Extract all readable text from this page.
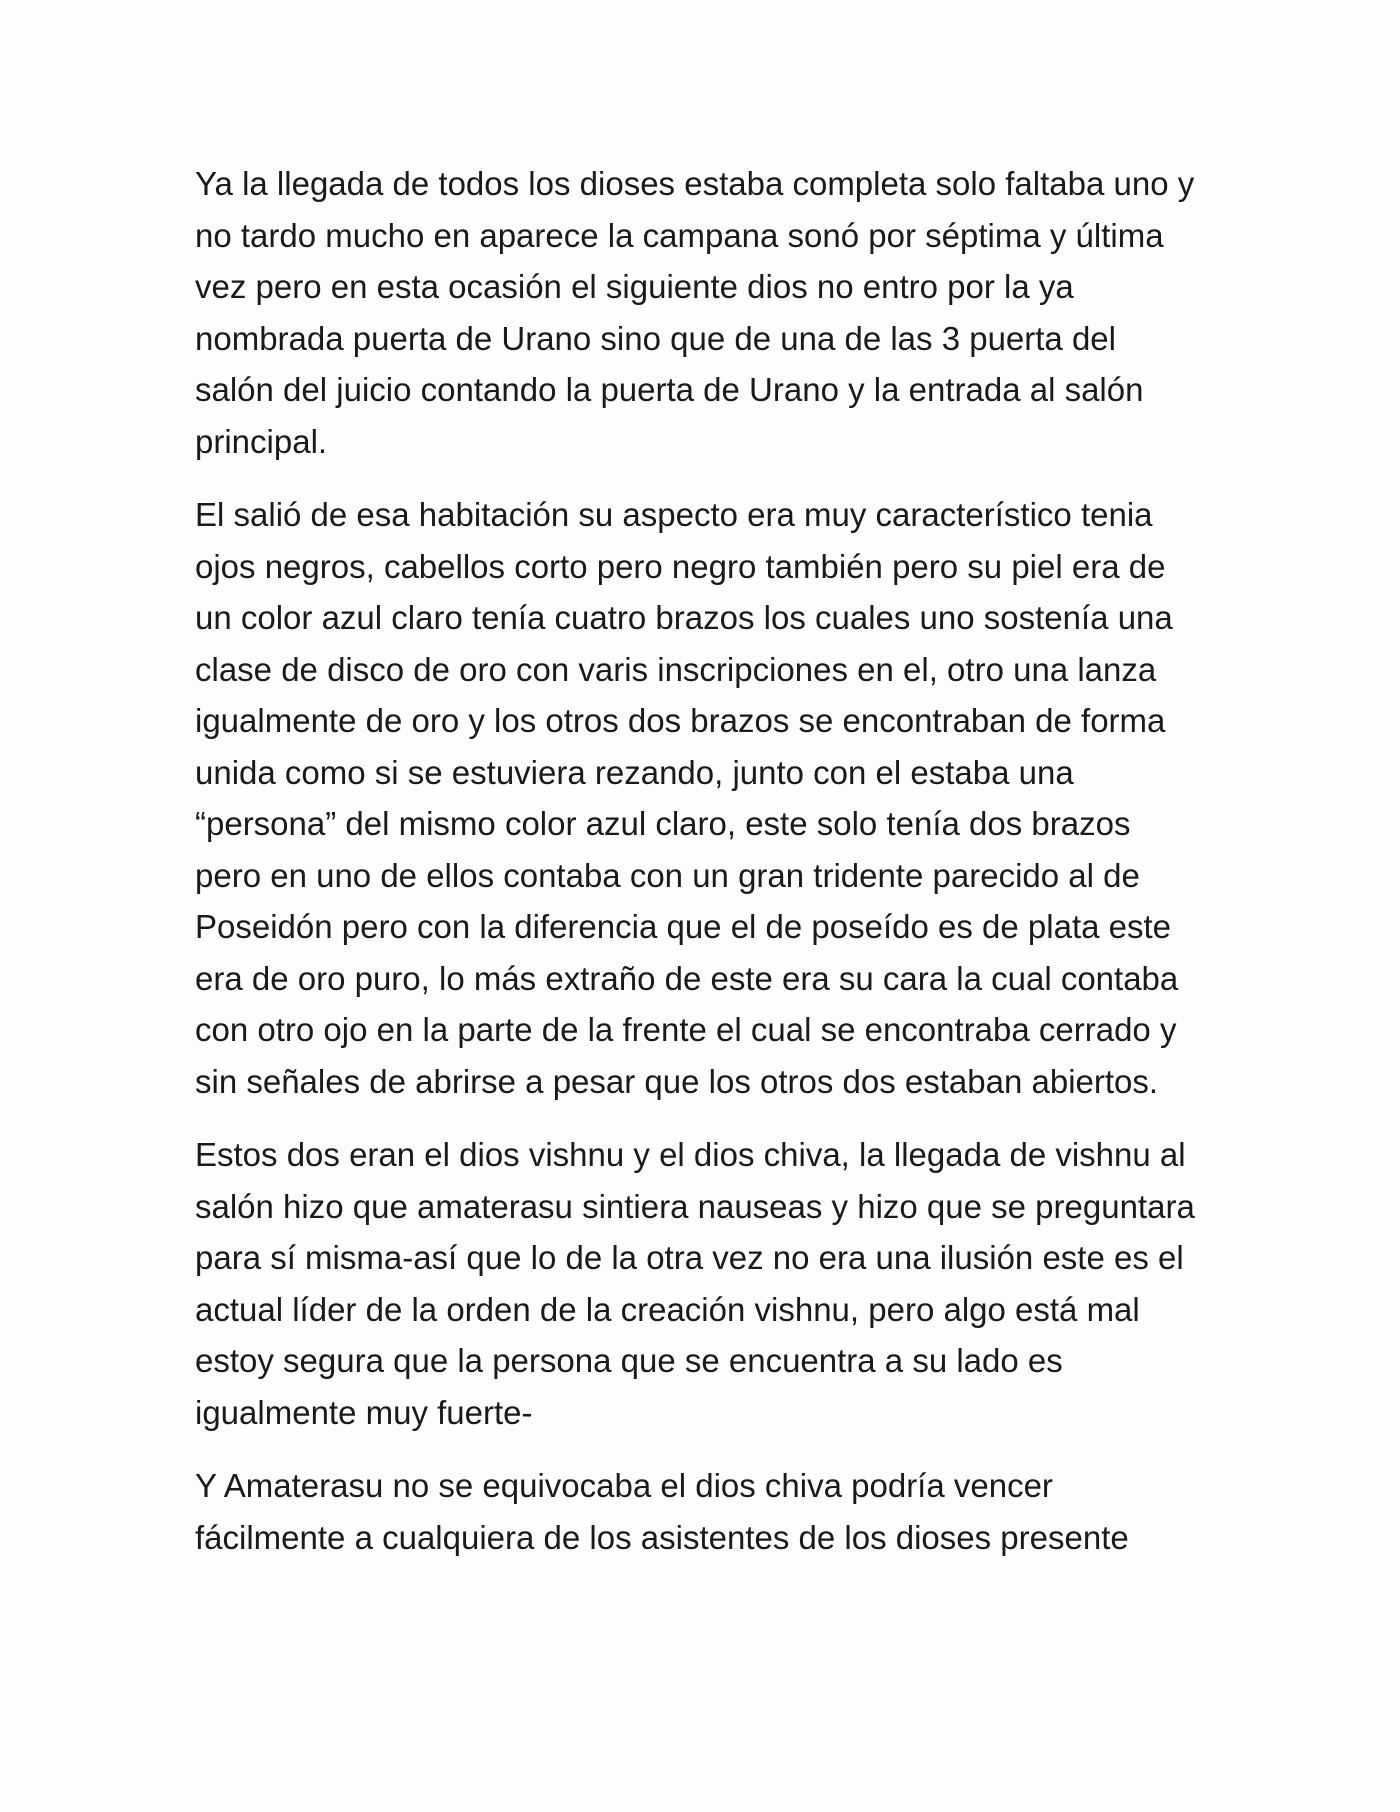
Ya la llegada de todos los dioses estaba completa solo faltaba uno y
no tardo mucho en aparece la campana sonó por séptima y última
vez pero en esta ocasión el siguiente dios no entro por la ya
nombrada puerta de Urano sino que de una de las 3 puerta del
salón del juicio contando la puerta de Urano y la entrada al salón
principal.

El salió de esa habitación su aspecto era muy característico tenia
ojos negros, cabellos corto pero negro también pero su piel era de
un color azul claro tenía cuatro brazos los cuales uno sostenía una
clase de disco de oro con varis inscripciones en el, otro una lanza
igualmente de oro y los otros dos brazos se encontraban de forma
unida como si se estuviera rezando, junto con el estaba una
“persona” del mismo color azul claro, este solo tenía dos brazos
pero en uno de ellos contaba con un gran tridente parecido al de
Poseidón pero con la diferencia que el de poseído es de plata este
era de oro puro, lo más extraño de este era su cara la cual contaba
con otro ojo en la parte de la frente el cual se encontraba cerrado y
sin señales de abrirse a pesar que los otros dos estaban abiertos.

Estos dos eran el dios vishnu y el dios chiva, la llegada de vishnu al
salón hizo que amaterasu sintiera nauseas y hizo que se preguntara
para sí misma-así que lo de la otra vez no era una ilusión este es el
actual líder de la orden de la creación vishnu, pero algo está mal
estoy segura que la persona que se encuentra a su lado es
igualmente muy fuerte-

Y Amaterasu no se equivocaba el dios chiva podría vencer
fácilmente a cualquiera de los asistentes de los dioses presente
